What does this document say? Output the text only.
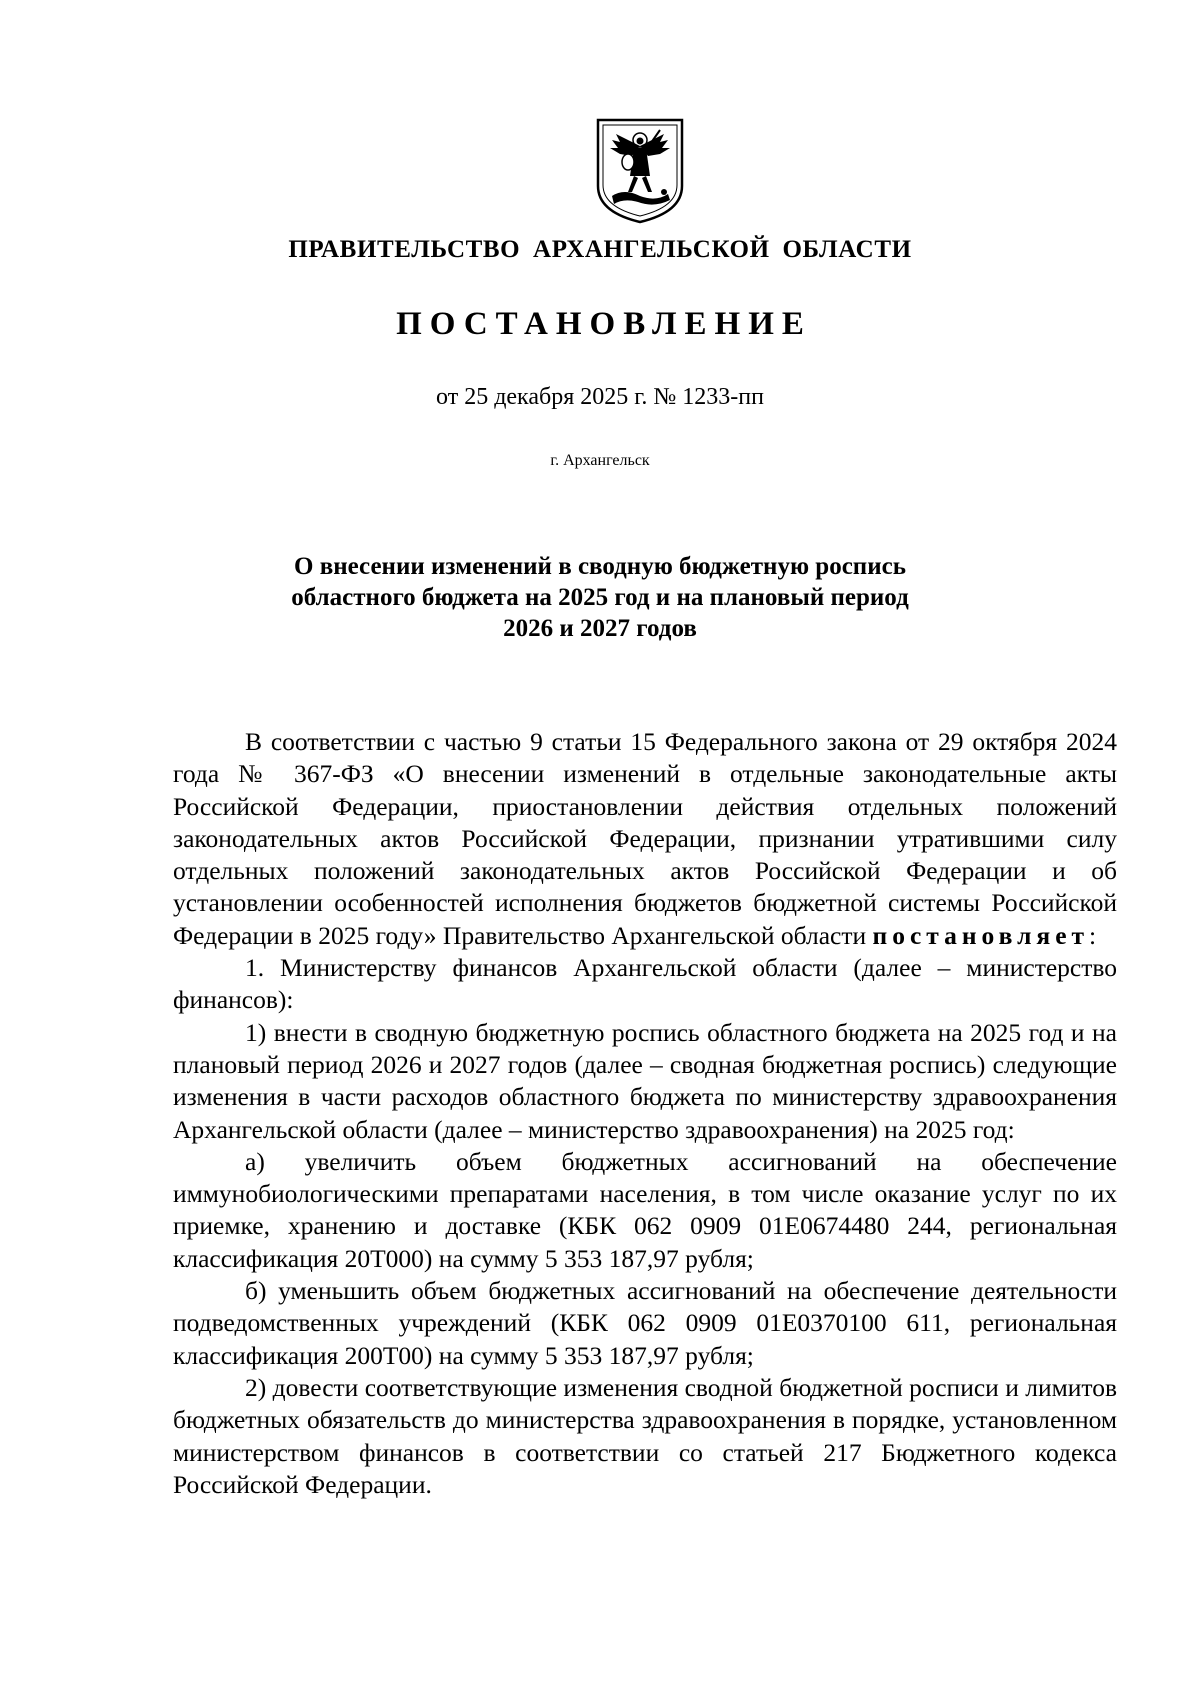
ПРАВИТЕЛЬСТВО АРХАНГЕЛЬСКОЙ ОБЛАСТИ
ПОСТАНОВЛЕНИЕ
от 25 декабря 2025 г. № 1233-пп
г. Архангельск
О внесении изменений в сводную бюджетную роспись
областного бюджета на 2025 год и на плановый период
2026 и 2027 годов

В соответствии с частью 9 статьи 15 Федерального закона от 29 октября 2024 года № 367-ФЗ «О внесении изменений в отдельные законодательные акты Российской Федерации, приостановлении действия отдельных положений законодательных актов Российской Федерации, признании утратившими силу отдельных положений законодательных актов Российской Федерации и об установлении особенностей исполнения бюджетов бюджетной системы Российской Федерации в 2025 году» Правительство Архангельской области постановляет:

1. Министерству финансов Архангельской области (далее – министерство финансов):

1) внести в сводную бюджетную роспись областного бюджета на 2025 год и на плановый период 2026 и 2027 годов (далее – сводная бюджетная роспись) следующие изменения в части расходов областного бюджета по министерству здравоохранения Архангельской области (далее – министерство здравоохранения) на 2025 год:

а) увеличить объем бюджетных ассигнований на обеспечение иммунобиологическими препаратами населения, в том числе оказание услуг по их приемке, хранению и доставке (КБК 062 0909 01Е0674480 244, региональная классификация 20Т000) на сумму 5 353 187,97 рубля;

б) уменьшить объем бюджетных ассигнований на обеспечение деятельности подведомственных учреждений (КБК 062 0909 01Е0370100 611, региональная классификация 200Т00) на сумму 5 353 187,97 рубля;

2) довести соответствующие изменения сводной бюджетной росписи и лимитов бюджетных обязательств до министерства здравоохранения в порядке, установленном министерством финансов в соответствии со статьей 217 Бюджетного кодекса Российской Федерации.
